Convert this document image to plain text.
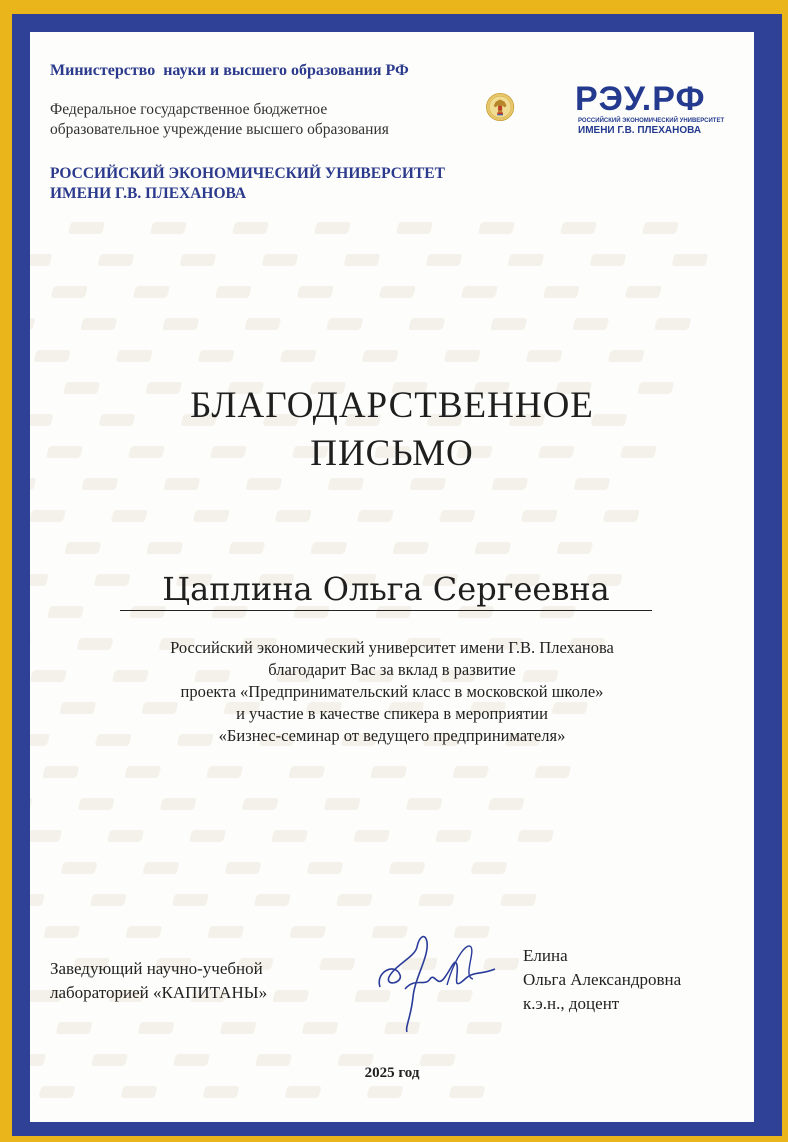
Министерство  науки и высшего образования РФ
Федеральное государственное бюджетное
образовательное учреждение высшего образования
РОССИЙСКИЙ ЭКОНОМИЧЕСКИЙ УНИВЕРСИТЕТ
ИМЕНИ Г.В. ПЛЕХАНОВА
РЭУ.РФ
РОССИЙСКИЙ ЭКОНОМИЧЕСКИЙ УНИВЕРСИТЕТ
ИМЕНИ Г.В. ПЛЕХАНОВА
БЛАГОДАРСТВЕННОЕ
ПИСЬМО
Цаплина Ольга Сергеевна
Российский экономический университет имени Г.В. Плеханова
благодарит Вас за вклад в развитие
проекта «Предпринимательский класс в московской школе»
и участие в качестве спикера в мероприятии
«Бизнес-семинар от ведущего предпринимателя»
Заведующий научно-учебной
лабораторией «КАПИТАНЫ»
Елина
Ольга Александровна
к.э.н., доцент
2025 год
